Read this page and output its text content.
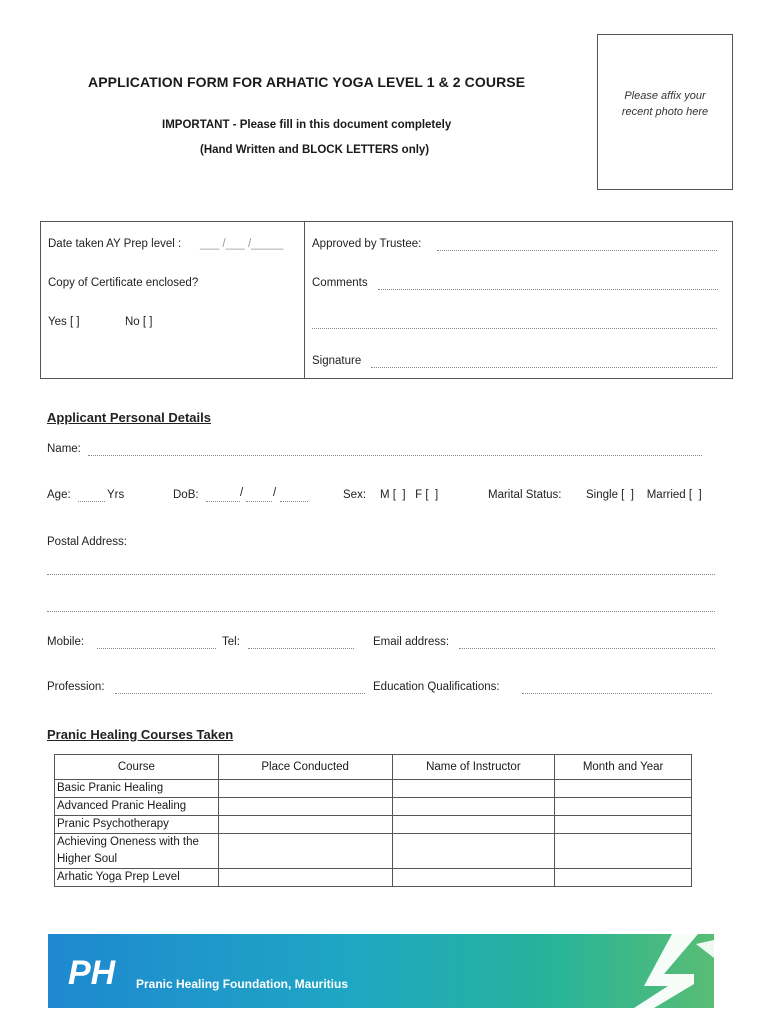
APPLICATION FORM FOR ARHATIC YOGA LEVEL 1 & 2 COURSE
IMPORTANT - Please fill in this document completely
(Hand Written and BLOCK LETTERS only)
Please affix your
recent photo here
Date taken AY Prep level : ___ /___ /_____
Copy of Certificate enclosed?
Yes [ ]	No [ ]
Approved by Trustee:
Comments
Signature
Applicant Personal Details
Name:
Age:	Yrs	DoB:	/	/	Sex: M [  ]   F [  ]	Marital Status: Single [  ]    Married [  ]
Postal Address:
Mobile:	Tel:	Email address:
Profession:	Education Qualifications:
Pranic Healing Courses Taken
Course	Place Conducted	Name of Instructor	Month and Year
Basic Pranic Healing			
Advanced Pranic Healing			
Pranic Psychotherapy			
Achieving Oneness with the Higher Soul			
Arhatic Yoga Prep Level			
PH Pranic Healing Foundation, Mauritius
